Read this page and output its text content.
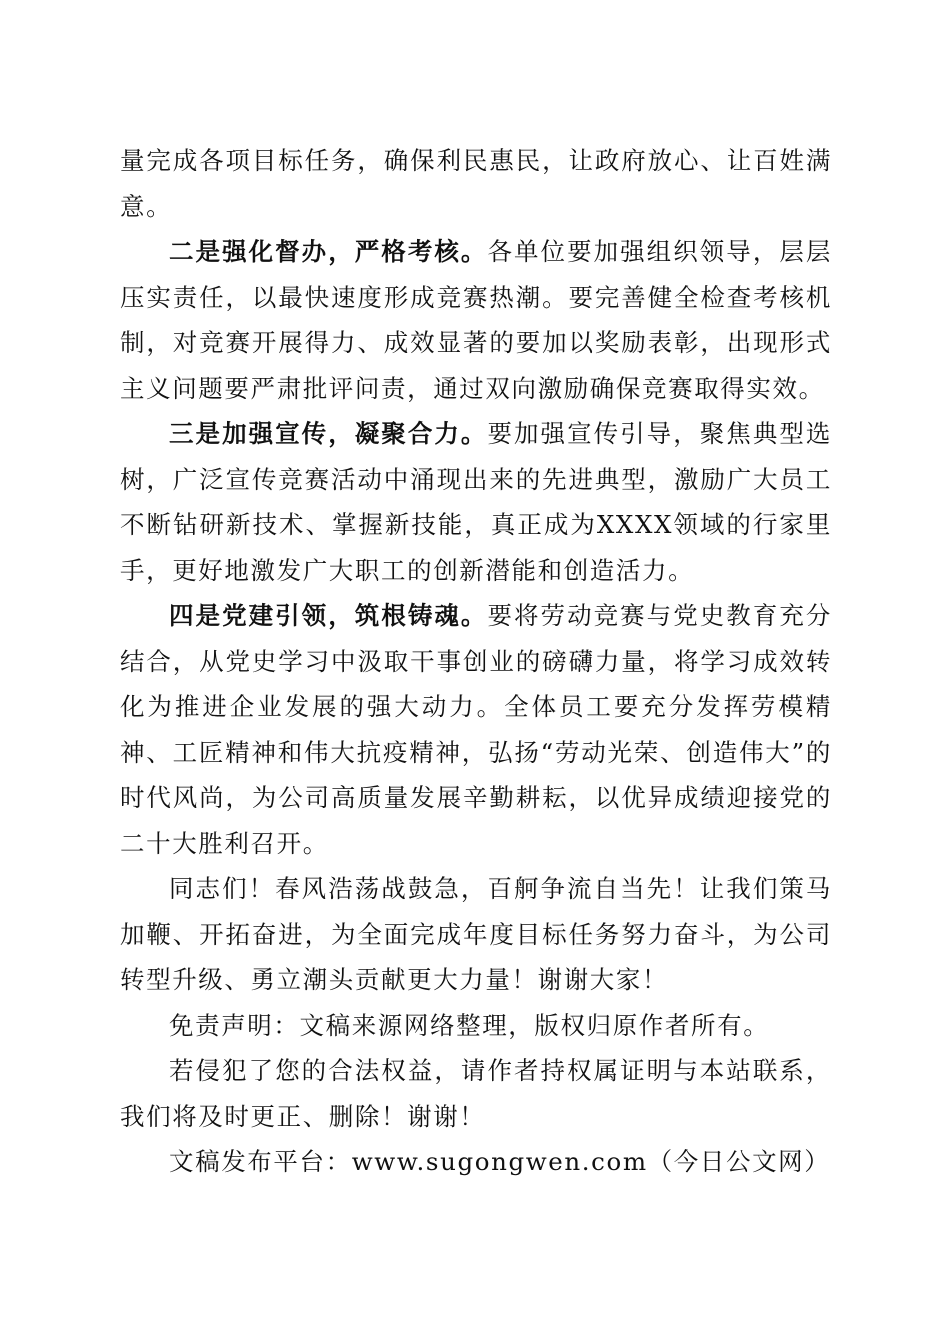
量完成各项目标任务，确保利民惠民，让政府放心、让百姓满意。

二是强化督办，严格考核。各单位要加强组织领导，层层压实责任，以最快速度形成竞赛热潮。要完善健全检查考核机制，对竞赛开展得力、成效显著的要加以奖励表彰，出现形式主义问题要严肃批评问责，通过双向激励确保竞赛取得实效。

三是加强宣传，凝聚合力。要加强宣传引导，聚焦典型选树，广泛宣传竞赛活动中涌现出来的先进典型，激励广大员工不断钻研新技术、掌握新技能，真正成为XXXX领域的行家里手，更好地激发广大职工的创新潜能和创造活力。

四是党建引领，筑根铸魂。要将劳动竞赛与党史教育充分结合，从党史学习中汲取干事创业的磅礴力量，将学习成效转化为推进企业发展的强大动力。全体员工要充分发挥劳模精神、工匠精神和伟大抗疫精神，弘扬“劳动光荣、创造伟大”的时代风尚，为公司高质量发展辛勤耕耘，以优异成绩迎接党的二十大胜利召开。

同志们！春风浩荡战鼓急，百舸争流自当先！让我们策马加鞭、开拓奋进，为全面完成年度目标任务努力奋斗，为公司转型升级、勇立潮头贡献更大力量！谢谢大家！

免责声明：文稿来源网络整理，版权归原作者所有。

若侵犯了您的合法权益，请作者持权属证明与本站联系，我们将及时更正、删除！谢谢！

文稿发布平台：www.sugongwen.com（今日公文网）
